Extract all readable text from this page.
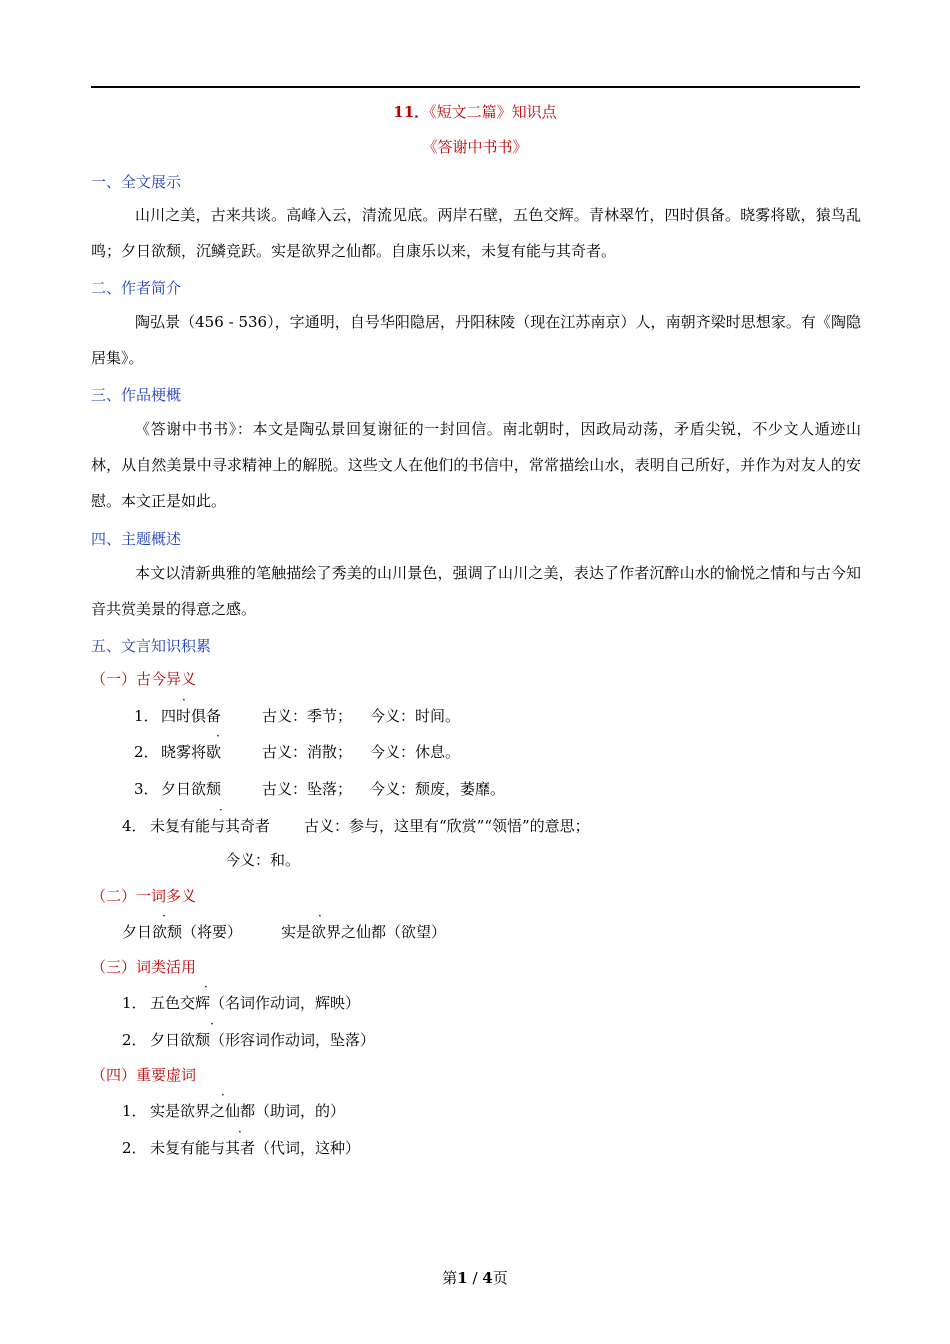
11．《短文二篇》知识点
《答谢中书书》
一、全文展示
山川之美，古来共谈。高峰入云，清流见底。两岸石壁，五色交辉。青林翠竹，四时俱备。晓雾将歇，猿鸟乱鸣；夕日欲颓，沉鳞竞跃。实是欲界之仙都。自康乐以来，未复有能与其奇者。
二、作者简介
陶弘景（456 - 536），字通明，自号华阳隐居，丹阳秣陵（现在江苏南京）人，南朝齐梁时思想家。有《陶隐居集》。
三、作品梗概
《答谢中书书》：本文是陶弘景回复谢征的一封回信。南北朝时，因政局动荡，矛盾尖锐，不少文人遁迹山林，从自然美景中寻求精神上的解脱。这些文人在他们的书信中，常常描绘山水，表明自己所好，并作为对友人的安慰。本文正是如此。
四、主题概述
本文以清新典雅的笔触描绘了秀美的山川景色，强调了山川之美，表达了作者沉醉山水的愉悦之情和与古今知音共赏美景的得意之感。
五、文言知识积累
（一）古今异义
1． 四时俱备
·
古义：季节； 今义：时间。
2． 晓雾将歇
·
古义：消散； 今义：休息。
3． 夕日欲颓	古义：坠落； 今义：颓废，萎靡。
4． 未复有能与其奇者
·
古义：参与，这里有“欣赏”“领悟”的意思；
今义：和。
（二）一词多义
夕日欲颓（将要）
·
实是欲界之仙都（欲望）
·
（三）词类活用
1． 五色交辉（名词作动词，辉映）
·
2． 夕日欲颓（形容词作动词，坠落）
·
（四）重要虚词
1． 实是欲界之仙都（助词，的）
·
2． 未复有能与其者（代词，这种）
·
第1 / 4页
